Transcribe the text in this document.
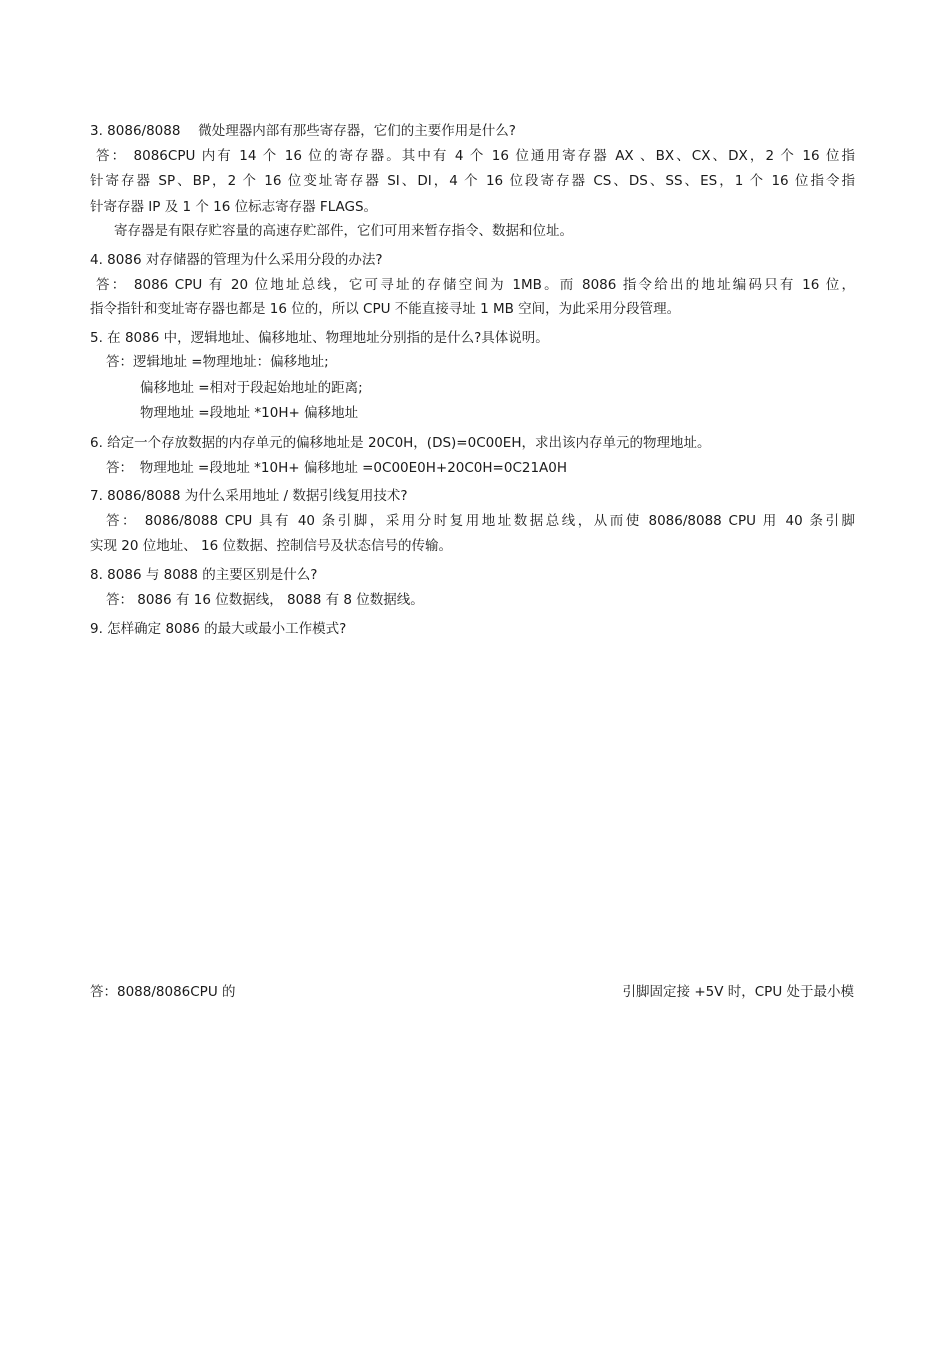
3. 8086/8088　 微处理器内部有那些寄存器，它们的主要作用是什么?
答： 8086CPU 内有 14 个 16 位的寄存器。其中有 4 个 16 位通用寄存器 AX 、BX、CX、DX，2 个 16 位指
针寄存器 SP、BP，2 个 16 位变址寄存器 SI、DI，4 个 16 位段寄存器 CS、DS、SS、ES，1 个 16 位指令指
针寄存器 IP 及 1 个 16 位标志寄存器 FLAGS。
寄存器是有限存贮容量的高速存贮部件，它们可用来暂存指令、数据和位址。
4. 8086 对存储器的管理为什么采用分段的办法?
答： 8086 CPU 有 20 位地址总线，它可寻址的存储空间为 1MB。而 8086 指令给出的地址编码只有 16 位，
指令指针和变址寄存器也都是 16 位的，所以 CPU 不能直接寻址 1 MB 空间，为此采用分段管理。
5. 在 8086 中，逻辑地址、偏移地址、物理地址分别指的是什么?具体说明。
答：逻辑地址 =物理地址：偏移地址;
偏移地址 =相对于段起始地址的距离;
物理地址 =段地址 *10H+ 偏移地址
6. 给定一个存放数据的内存单元的偏移地址是 20C0H，(DS)=0C00EH，求出该内存单元的物理地址。
答：　物理地址 =段地址 *10H+ 偏移地址 =0C00E0H+20C0H=0C21A0H
7. 8086/8088 为什么采用地址 / 数据引线复用技术?
答： 8086/8088 CPU 具有 40 条引脚，采用分时复用地址数据总线，从而使 8086/8088 CPU 用 40 条引脚
实现 20 位地址、 16 位数据、控制信号及状态信号的传输。
8. 8086 与 8088 的主要区别是什么?
答： 8086 有 16 位数据线， 8088 有 8 位数据线。
9. 怎样确定 8086 的最大或最小工作模式?
答：8088/8086CPU 的	引脚固定接 +5V 时，CPU 处于最小模
